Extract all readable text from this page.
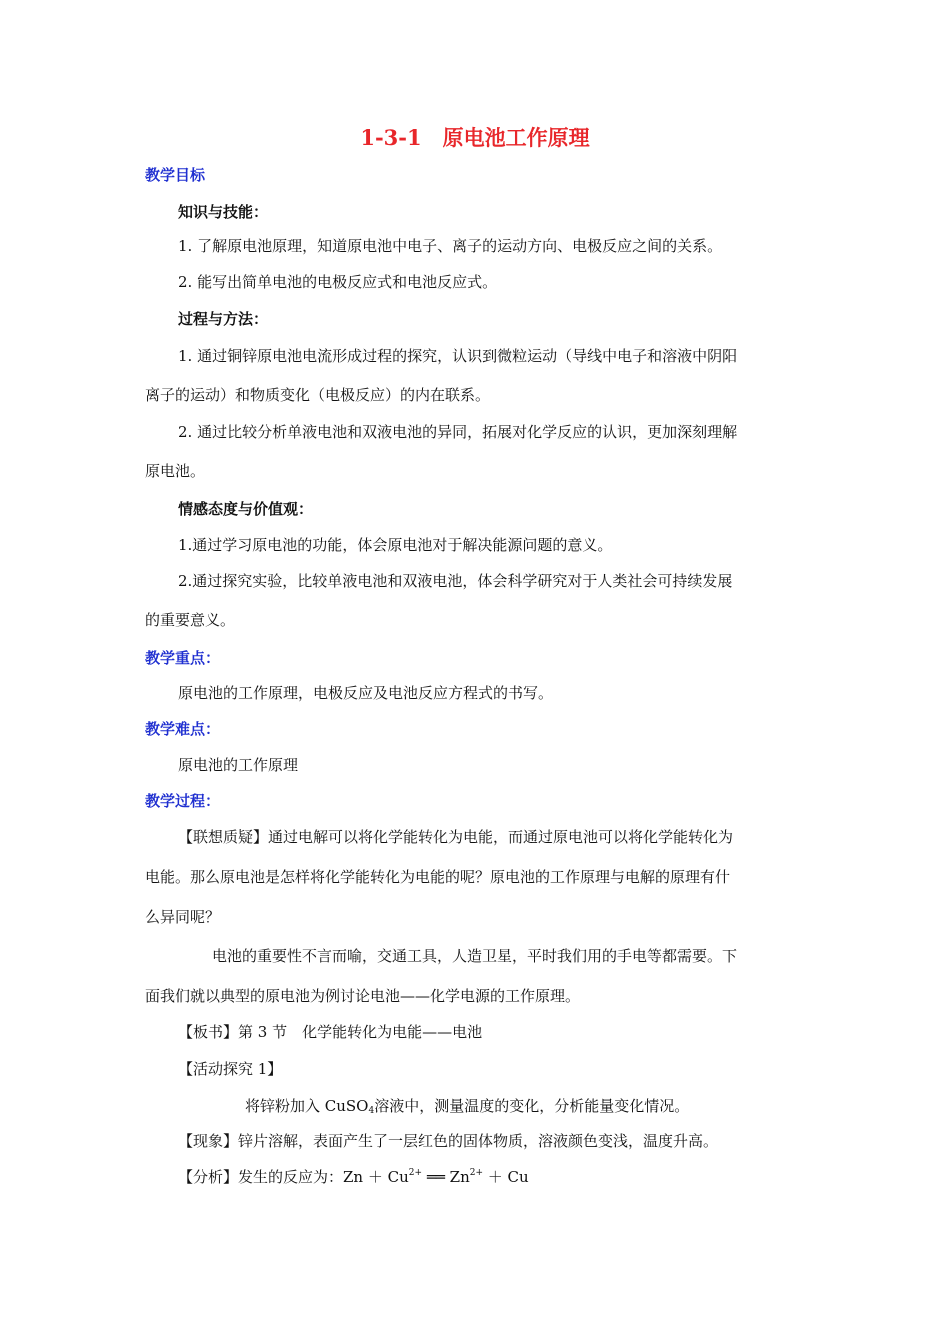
1-3-1　原电池工作原理
教学目标
知识与技能：
1. 了解原电池原理，知道原电池中电子、离子的运动方向、电极反应之间的关系。
2. 能写出简单电池的电极反应式和电池反应式。
过程与方法：
1. 通过铜锌原电池电流形成过程的探究，认识到微粒运动（导线中电子和溶液中阴阳
离子的运动）和物质变化（电极反应）的内在联系。
2. 通过比较分析单液电池和双液电池的异同，拓展对化学反应的认识，更加深刻理解
原电池。
情感态度与价值观：
1.通过学习原电池的功能，体会原电池对于解决能源问题的意义。
2.通过探究实验，比较单液电池和双液电池，体会科学研究对于人类社会可持续发展
的重要意义。
教学重点：
原电池的工作原理，电极反应及电池反应方程式的书写。
教学难点：
原电池的工作原理
教学过程：
【联想质疑】通过电解可以将化学能转化为电能，而通过原电池可以将化学能转化为
电能。那么原电池是怎样将化学能转化为电能的呢？原电池的工作原理与电解的原理有什
么异同呢？
电池的重要性不言而喻，交通工具，人造卫星，平时我们用的手电等都需要。下
面我们就以典型的原电池为例讨论电池——化学电源的工作原理。
【板书】第 3 节　化学能转化为电能——电池
【活动探究 1】
将锌粉加入 CuSO$_4$溶液中，测量温度的变化，分析能量变化情况。
【现象】锌片溶解，表面产生了一层红色的固体物质，溶液颜色变浅，温度升高。
【分析】发生的反应为：$Zn + Cu^{2+}$ ══ $Zn^{2+} + Cu$
